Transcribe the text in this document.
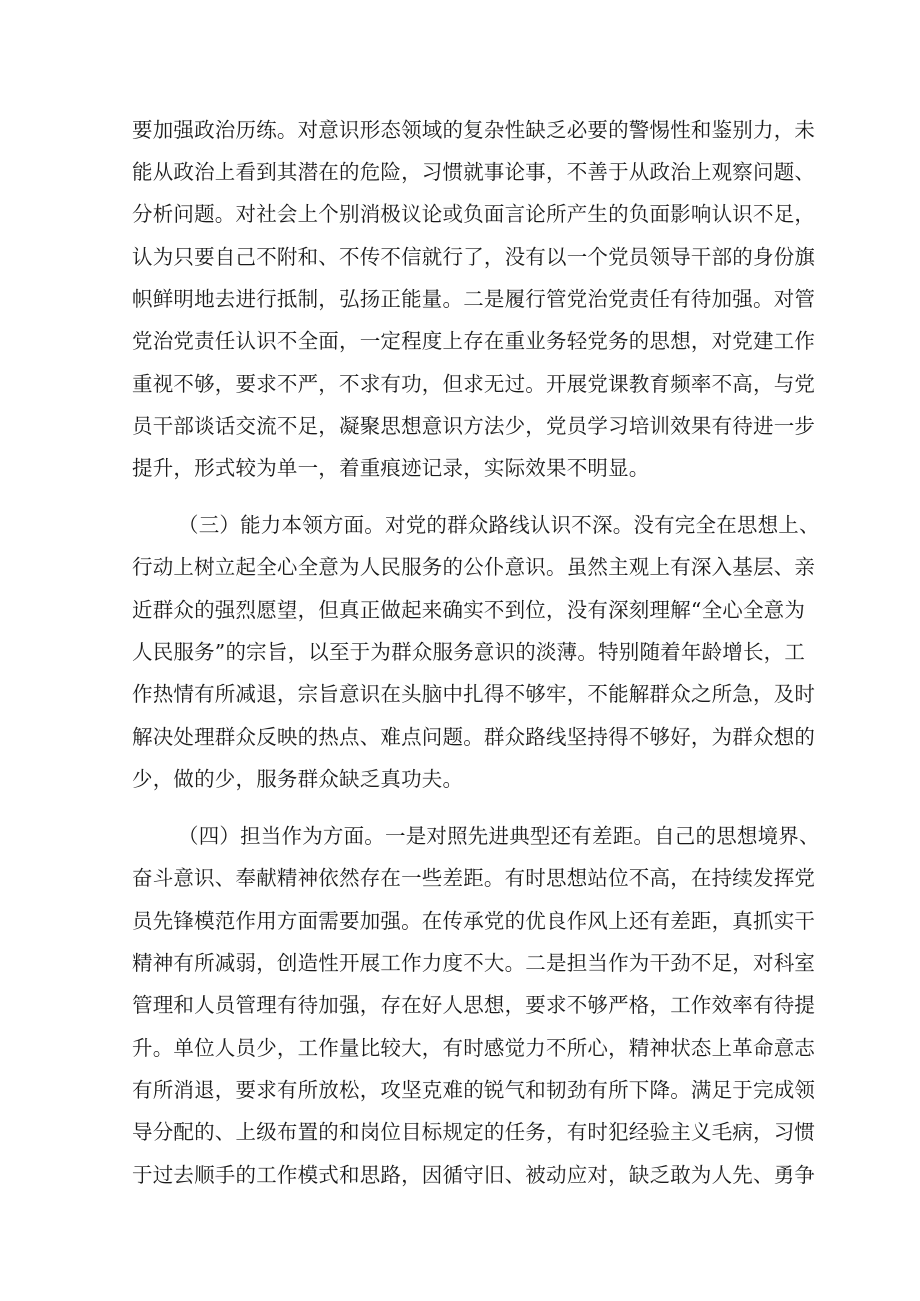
要加强政治历练。对意识形态领域的复杂性缺乏必要的警惕性和鉴别力，未
能从政治上看到其潜在的危险，习惯就事论事，不善于从政治上观察问题、
分析问题。对社会上个别消极议论或负面言论所产生的负面影响认识不足，
认为只要自己不附和、不传不信就行了，没有以一个党员领导干部的身份旗
帜鲜明地去进行抵制，弘扬正能量。二是履行管党治党责任有待加强。对管
党治党责任认识不全面，一定程度上存在重业务轻党务的思想，对党建工作
重视不够，要求不严，不求有功，但求无过。开展党课教育频率不高，与党
员干部谈话交流不足，凝聚思想意识方法少，党员学习培训效果有待进一步
提升，形式较为单一，着重痕迹记录，实际效果不明显。
（三）能力本领方面。对党的群众路线认识不深。没有完全在思想上、
行动上树立起全心全意为人民服务的公仆意识。虽然主观上有深入基层、亲
近群众的强烈愿望，但真正做起来确实不到位，没有深刻理解“全心全意为
人民服务”的宗旨，以至于为群众服务意识的淡薄。特别随着年龄增长，工
作热情有所减退，宗旨意识在头脑中扎得不够牢，不能解群众之所急，及时
解决处理群众反映的热点、难点问题。群众路线坚持得不够好，为群众想的
少，做的少，服务群众缺乏真功夫。
（四）担当作为方面。一是对照先进典型还有差距。自己的思想境界、
奋斗意识、奉献精神依然存在一些差距。有时思想站位不高，在持续发挥党
员先锋模范作用方面需要加强。在传承党的优良作风上还有差距，真抓实干
精神有所减弱，创造性开展工作力度不大。二是担当作为干劲不足，对科室
管理和人员管理有待加强，存在好人思想，要求不够严格，工作效率有待提
升。单位人员少，工作量比较大，有时感觉力不所心，精神状态上革命意志
有所消退，要求有所放松，攻坚克难的锐气和韧劲有所下降。满足于完成领
导分配的、上级布置的和岗位目标规定的任务，有时犯经验主义毛病，习惯
于过去顺手的工作模式和思路，因循守旧、被动应对，缺乏敢为人先、勇争
